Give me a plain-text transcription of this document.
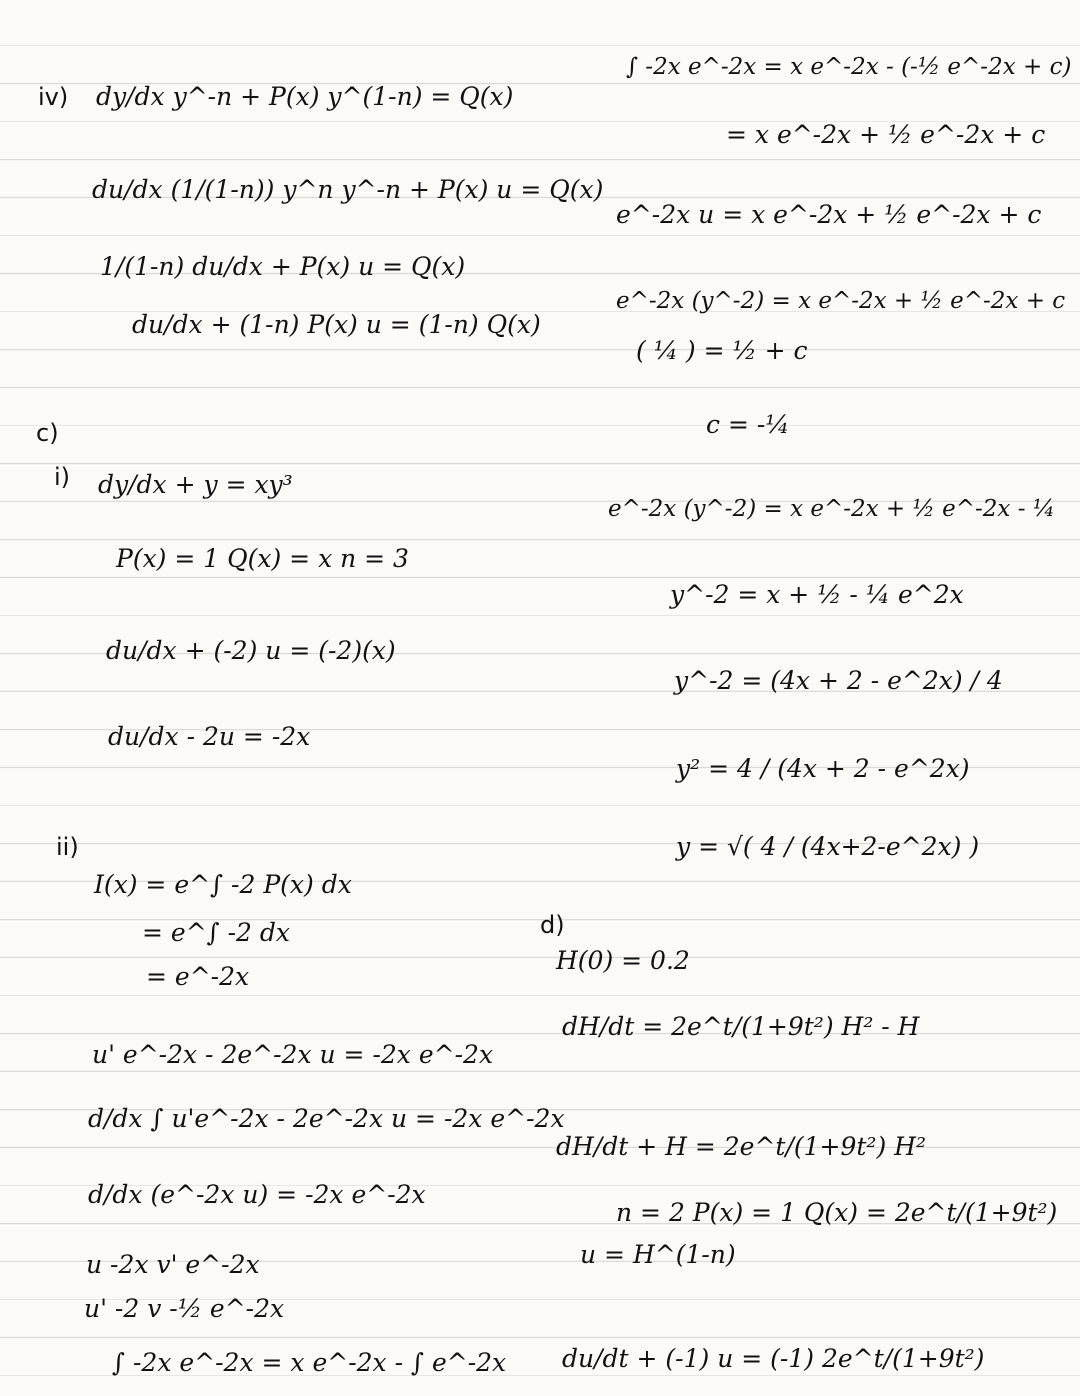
iv) dy/dx y^-n + P(x) y^(1-n) = Q(x)
du/dx (1/(1-n)) y^n y^-n + P(x) u = Q(x)
1/(1-n) du/dx + P(x) u = Q(x)
du/dx + (1-n) P(x) u = (1-n) Q(x)
c)
i) dy/dx + y = xy³
P(x) = 1 Q(x) = x n = 3
du/dx + (-2) u = (-2)(x)
du/dx - 2u = -2x
ii)
I(x) = e^∫ -2 P(x) dx
= e^∫ -2 dx
= e^-2x
u' e^-2x - 2e^-2x u = -2x e^-2x
d/dx ∫ u'e^-2x - 2e^-2x u = -2x e^-2x
d/dx (e^-2x u) = -2x e^-2x
u -2x v' e^-2x
u' -2 v -½ e^-2x
∫ -2x e^-2x = x e^-2x - ∫ e^-2x
∫ -2x e^-2x = x e^-2x - (-½ e^-2x + c)
= x e^-2x + ½ e^-2x + c
e^-2x u = x e^-2x + ½ e^-2x + c
e^-2x (y^-2) = x e^-2x + ½ e^-2x + c
( ¼ ) = ½ + c
c = -¼
e^-2x (y^-2) = x e^-2x + ½ e^-2x - ¼
y^-2 = x + ½ - ¼ e^2x
y^-2 = (4x + 2 - e^2x) / 4
y² = 4 / (4x + 2 - e^2x)
y = √( 4 / (4x+2-e^2x) )
d)
H(0) = 0.2
dH/dt = 2e^t/(1+9t²) H² - H
dH/dt + H = 2e^t/(1+9t²) H²
n = 2 P(x) = 1 Q(x) = 2e^t/(1+9t²)
u = H^(1-n)
du/dt + (-1) u = (-1) 2e^t/(1+9t²)
